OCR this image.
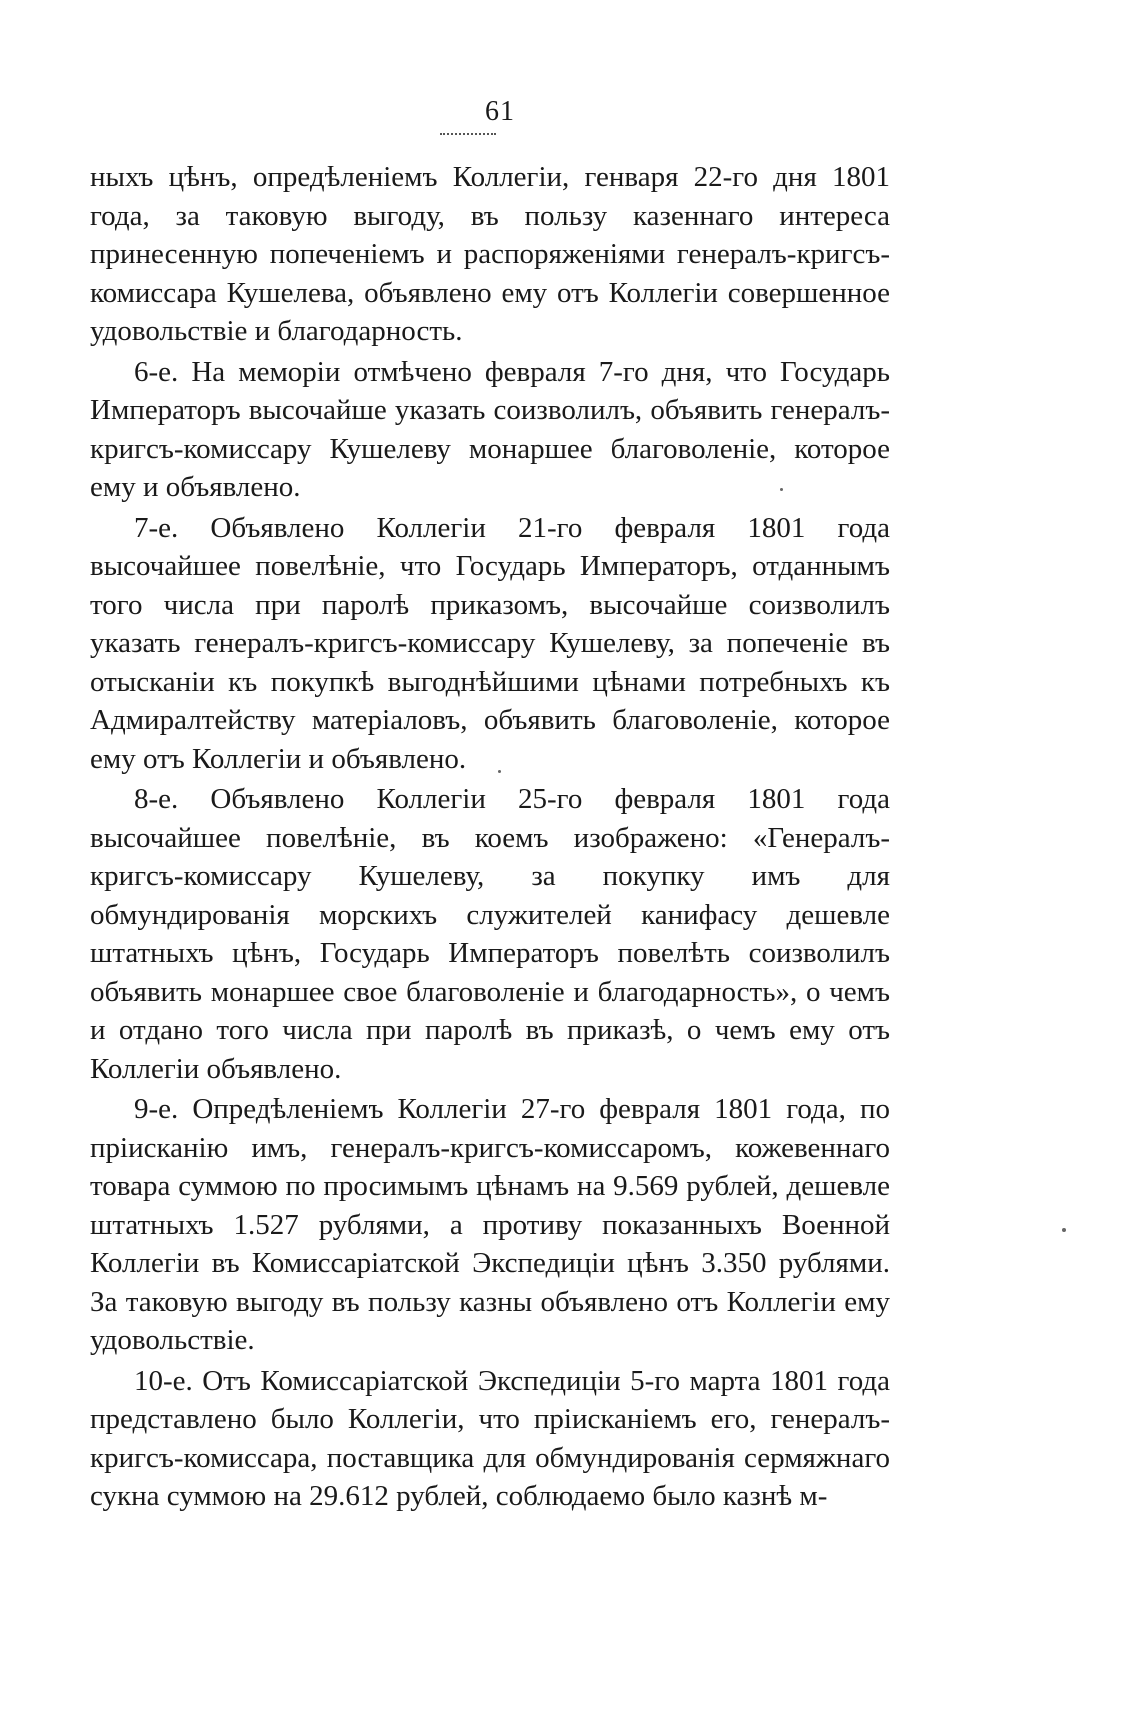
61

ныхъ цѣнъ, опредѣленіемъ Коллегіи, генваря 22-го дня 1801 года, за таковую выгоду, въ пользу казеннаго интереса принесенную попеченіемъ и распоряженіями генералъ-кригсъ-комиссара Кушелева, объявлено ему отъ Коллегіи совершенное удовольствіе и благодарность.

6-е. На меморіи отмѣчено февраля 7-го дня, что Государь Императоръ высочайше указать соизволилъ, объявить генералъ-кригсъ-комиссару Кушелеву монаршее благоволеніе, которое ему и объявлено.

7-е. Объявлено Коллегіи 21-го февраля 1801 года высочайшее повелѣніе, что Государь Императоръ, отданнымъ того числа при паролѣ приказомъ, высочайше соизволилъ указать генералъ-кригсъ-комиссару Кушелеву, за попеченіе въ отысканіи къ покупкѣ выгоднѣйшими цѣнами потребныхъ къ Адмиралтейству матеріаловъ, объявить благоволеніе, которое ему отъ Коллегіи и объявлено.

8-е. Объявлено Коллегіи 25-го февраля 1801 года высочайшее повелѣніе, въ коемъ изображено: «Генералъ-кригсъ-комиссару Кушелеву, за покупку имъ для обмундированія морскихъ служителей канифасу дешевле штатныхъ цѣнъ, Государь Императоръ повелѣть соизволилъ объявить монаршее свое благоволеніе и благодарность», о чемъ и отдано того числа при паролѣ въ приказѣ, о чемъ ему отъ Коллегіи объявлено.

9-е. Опредѣленіемъ Коллегіи 27-го февраля 1801 года, по пріисканію имъ, генералъ-кригсъ-комиссаромъ, кожевеннаго товара суммою по просимымъ цѣнамъ на 9.569 рублей, дешевле штатныхъ 1.527 рублями, а противу показанныхъ Военной Коллегіи въ Комиссаріатской Экспедиціи цѣнъ 3.350 рублями. За таковую выгоду въ пользу казны объявлено отъ Коллегіи ему удовольствіе.

10-е. Отъ Комиссаріатской Экспедиціи 5-го марта 1801 года представлено было Коллегіи, что пріисканіемъ его, генералъ-кригсъ-комиссара, поставщика для обмундированія сермяжнаго сукна суммою на 29.612 рублей, соблюдаемо было казнѣ м-
